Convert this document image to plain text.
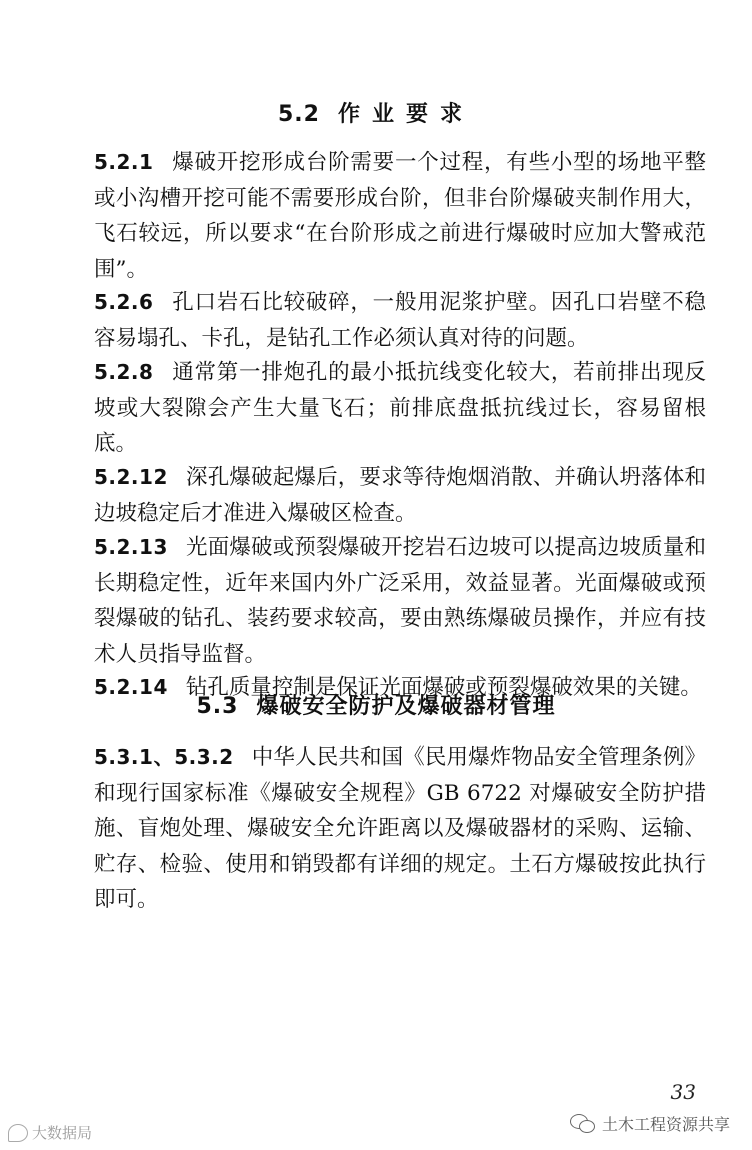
5.2 作业要求

5.2.1 爆破开挖形成台阶需要一个过程，有些小型的场地平整或小沟槽开挖可能不需要形成台阶，但非台阶爆破夹制作用大，飞石较远，所以要求“在台阶形成之前进行爆破时应加大警戒范围”。

5.2.6 孔口岩石比较破碎，一般用泥浆护壁。因孔口岩壁不稳容易塌孔、卡孔，是钻孔工作必须认真对待的问题。

5.2.8 通常第一排炮孔的最小抵抗线变化较大，若前排出现反坡或大裂隙会产生大量飞石；前排底盘抵抗线过长，容易留根底。

5.2.12 深孔爆破起爆后，要求等待炮烟消散、并确认坍落体和边坡稳定后才准进入爆破区检查。

5.2.13 光面爆破或预裂爆破开挖岩石边坡可以提高边坡质量和长期稳定性，近年来国内外广泛采用，效益显著。光面爆破或预裂爆破的钻孔、装药要求较高，要由熟练爆破员操作，并应有技术人员指导监督。

5.2.14 钻孔质量控制是保证光面爆破或预裂爆破效果的关键。

5.3 爆破安全防护及爆破器材管理

5.3.1、5.3.2 中华人民共和国《民用爆炸物品安全管理条例》和现行国家标准《爆破安全规程》GB 6722 对爆破安全防护措施、盲炮处理、爆破安全允许距离以及爆破器材的采购、运输、贮存、检验、使用和销毁都有详细的规定。土石方爆破按此执行即可。

33
土木工程资源共享
大数据局
